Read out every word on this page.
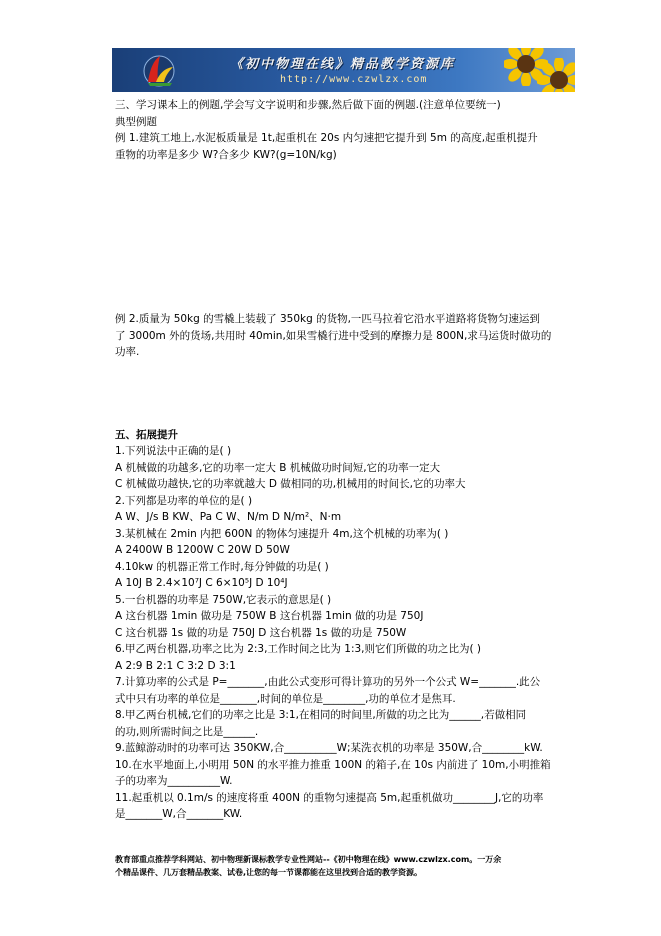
《初中物理在线》精品教学资源库
http://www.czwlzx.com

三、学习课本上的例题,学会写文字说明和步骤,然后做下面的例题.(注意单位要统一)

典型例题

例 1.建筑工地上,水泥板质量是 1t,起重机在 20s 内匀速把它提升到 5m 的高度,起重机提升

重物的功率是多少 W?合多少 KW?(g=10N/kg)

例 2.质量为 50kg 的雪橇上装载了 350kg 的货物,一匹马拉着它沿水平道路将货物匀速运到

了 3000m 外的货场,共用时 40min,如果雪橇行进中受到的摩擦力是 800N,求马运货时做功的

功率.

五、拓展提升

1.下列说法中正确的是( )

A 机械做的功越多,它的功率一定大 B 机械做功时间短,它的功率一定大

C 机械做功越快,它的功率就越大 D 做相同的功,机械用的时间长,它的功率大

2.下列都是功率的单位的是( )

A W、J/s B KW、Pa C W、N/m D N/m²、N·m

3.某机械在 2min 内把 600N 的物体匀速提升 4m,这个机械的功率为( )

A 2400W B 1200W C 20W D 50W

4.10kw 的机器正常工作时,每分钟做的功是( )

A 10J B 2.4×10⁷J C 6×10⁵J D 10⁴J

5.一台机器的功率是 750W,它表示的意思是( )

A 这台机器 1min 做功是 750W B 这台机器 1min 做的功是 750J

C 这台机器 1s 做的功是 750J D 这台机器 1s 做的功是 750W

6.甲乙两台机器,功率之比为 2:3,工作时间之比为 1:3,则它们所做的功之比为( )

A 2:9 B 2:1 C 3:2 D 3:1

7.计算功率的公式是 P=_______,由此公式变形可得计算功的另外一个公式 W=_______.此公

式中只有功率的单位是_______,时间的单位是________,功的单位才是焦耳.

8.甲乙两台机械,它们的功率之比是 3:1,在相同的时间里,所做的功之比为______,若做相同

的功,则所需时间之比是______.

9.蓝鲸游动时的功率可达 350KW,合__________W;某洗衣机的功率是 350W,合________kW.

10.在水平地面上,小明用 50N 的水平推力推重 100N 的箱子,在 10s 内前进了 10m,小明推箱

子的功率为__________W.

11.起重机以 0.1m/s 的速度将重 400N 的重物匀速提高 5m,起重机做功________J,它的功率

是_______W,合_______KW.

教育部重点推荐学科网站、初中物理新课标教学专业性网站--《初中物理在线》www.czwlzx.com。一万余
个精品课件、几万套精品教案、试卷,让您的每一节课都能在这里找到合适的教学资源。
